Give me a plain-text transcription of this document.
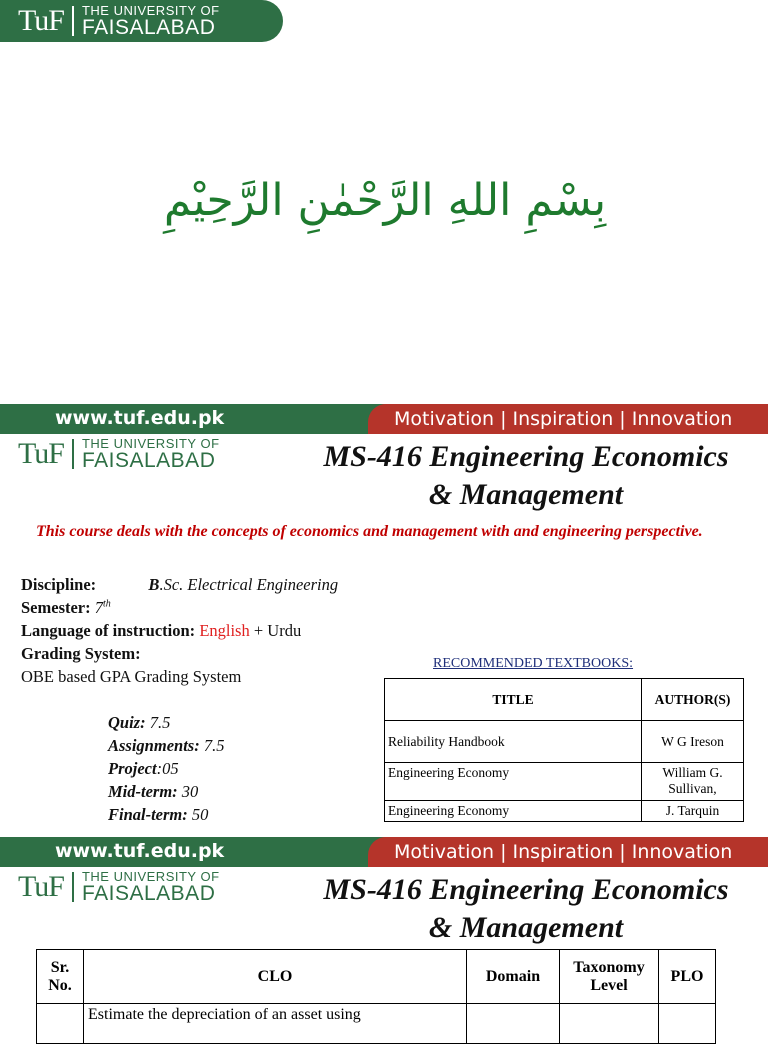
TuF THE UNIVERSITY OF
FAISALABAD
بِسْمِ اللهِ الرَّحْمٰنِ الرَّحِيْمِ
www.tuf.edu.pk	Motivation | Inspiration | Innovation
TuF THE UNIVERSITY OF
FAISALABAD	MS-416 Engineering Economics
& Management
This course deals with the concepts of economics and management with and engineering perspective.
Discipline:	B.Sc. Electrical Engineering
Semester: 7th
Language of instruction: English + Urdu
Grading System:
OBE based GPA Grading System
Quiz: 7.5
Assignments: 7.5
Project:05
Mid-term: 30
Final-term: 50
RECOMMENDED TEXTBOOKS:
TITLE	AUTHOR(S)
Reliability Handbook	W G Ireson
Engineering Economy	William G. Sullivan,
Engineering Economy	J. Tarquin
www.tuf.edu.pk	Motivation | Inspiration | Innovation
TuF THE UNIVERSITY OF
FAISALABAD	MS-416 Engineering Economics
& Management
Sr. No.	CLO	Domain	Taxonomy Level	PLO
	Estimate the depreciation of an asset using			
